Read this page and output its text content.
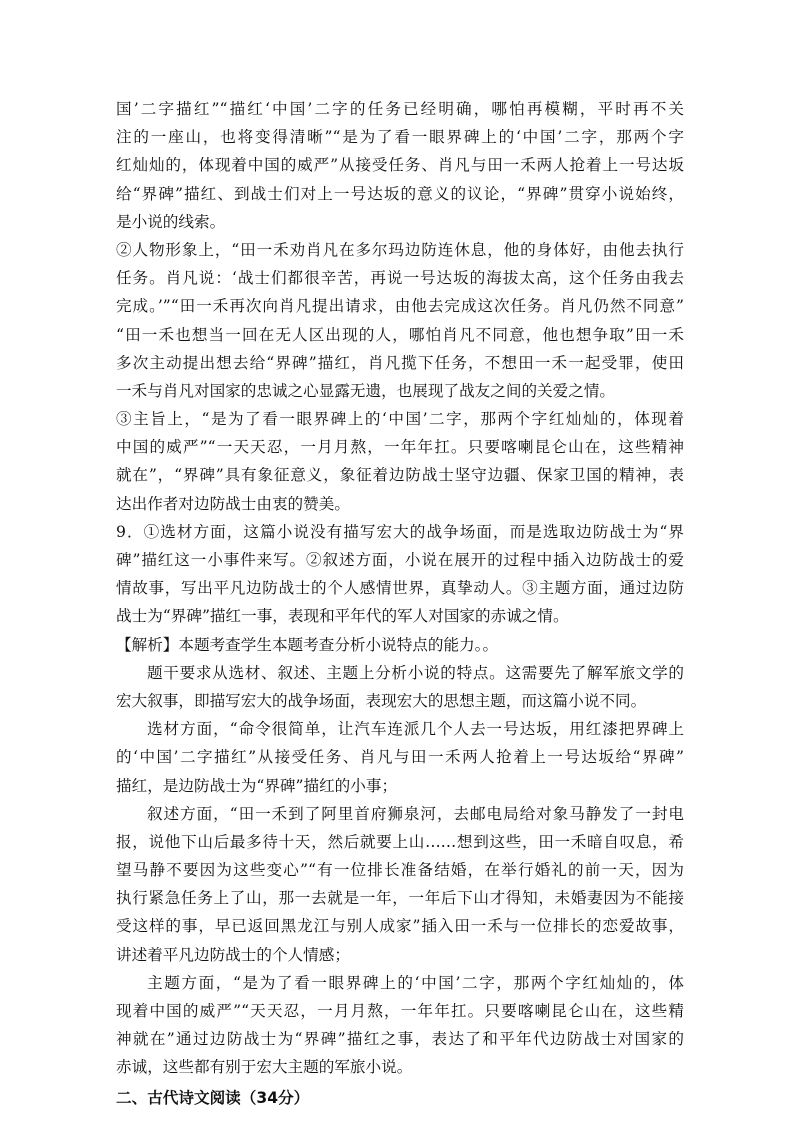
国’二字描红”“描红‘中国’二字的任务已经明确，哪怕再模糊，平时再不关
注的一座山，也将变得清晰”“是为了看一眼界碑上的‘中国’二字，那两个字
红灿灿的，体现着中国的威严”从接受任务、肖凡与田一禾两人抢着上一号达坂
给“界碑”描红、到战士们对上一号达坂的意义的议论，“界碑”贯穿小说始终，
是小说的线索。
②人物形象上，“田一禾劝肖凡在多尔玛边防连休息，他的身体好，由他去执行
任务。肖凡说：‘战士们都很辛苦，再说一号达坂的海拔太高，这个任务由我去
完成。’”“田一禾再次向肖凡提出请求，由他去完成这次任务。肖凡仍然不同意”
“田一禾也想当一回在无人区出现的人，哪怕肖凡不同意，他也想争取”田一禾
多次主动提出想去给“界碑”描红，肖凡揽下任务，不想田一禾一起受罪，使田
一禾与肖凡对国家的忠诚之心显露无遗，也展现了战友之间的关爱之情。
③主旨上，“是为了看一眼界碑上的‘中国’二字，那两个字红灿灿的，体现着
中国的威严”“一天天忍，一月月熬，一年年扛。只要喀喇昆仑山在，这些精神
就在”，“界碑”具有象征意义，象征着边防战士坚守边疆、保家卫国的精神，表
达出作者对边防战士由衷的赞美。
9．①选材方面，这篇小说没有描写宏大的战争场面，而是选取边防战士为“界
碑”描红这一小事件来写。②叙述方面，小说在展开的过程中插入边防战士的爱
情故事，写出平凡边防战士的个人感情世界，真挚动人。③主题方面，通过边防
战士为“界碑”描红一事，表现和平年代的军人对国家的赤诚之情。
【解析】本题考查学生本题考查分析小说特点的能力。。
题干要求从选材、叙述、主题上分析小说的特点。这需要先了解军旅文学的
宏大叙事，即描写宏大的战争场面，表现宏大的思想主题，而这篇小说不同。
选材方面，“命令很简单，让汽车连派几个人去一号达坂，用红漆把界碑上
的‘中国’二字描红”从接受任务、肖凡与田一禾两人抢着上一号达坂给“界碑”
描红，是边防战士为“界碑”描红的小事；
叙述方面，“田一禾到了阿里首府狮泉河，去邮电局给对象马静发了一封电
报，说他下山后最多待十天，然后就要上山……想到这些，田一禾暗自叹息，希
望马静不要因为这些变心”“有一位排长准备结婚，在举行婚礼的前一天，因为
执行紧急任务上了山，那一去就是一年，一年后下山才得知，未婚妻因为不能接
受这样的事，早已返回黑龙江与别人成家”插入田一禾与一位排长的恋爱故事，
讲述着平凡边防战士的个人情感；
主题方面，“是为了看一眼界碑上的‘中国’二字，那两个字红灿灿的，体
现着中国的威严”“天天忍，一月月熬，一年年扛。只要喀喇昆仑山在，这些精
神就在”通过边防战士为“界碑”描红之事，表达了和平年代边防战士对国家的
赤诚，这些都有别于宏大主题的军旅小说。
二、古代诗文阅读（34分）
